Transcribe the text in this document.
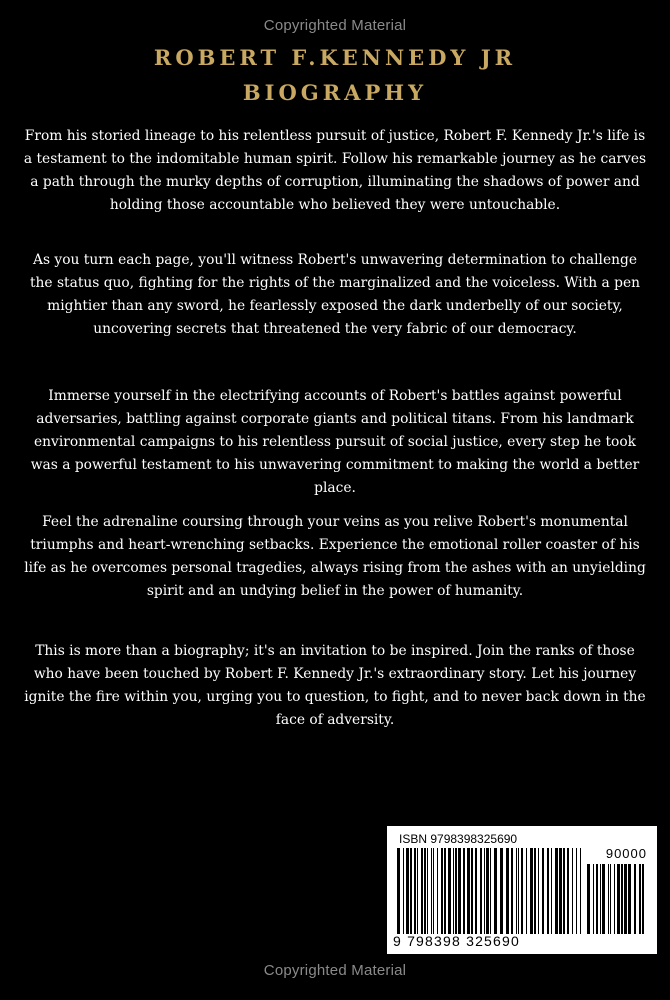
Copyrighted Material
ROBERT F.KENNEDY JR
BIOGRAPHY
From his storied lineage to his relentless pursuit of justice, Robert F. Kennedy Jr.'s life is a testament to the indomitable human spirit. Follow his remarkable journey as he carves a path through the murky depths of corruption, illuminating the shadows of power and holding those accountable who believed they were untouchable.
As you turn each page, you'll witness Robert's unwavering determination to challenge the status quo, fighting for the rights of the marginalized and the voiceless. With a pen mightier than any sword, he fearlessly exposed the dark underbelly of our society, uncovering secrets that threatened the very fabric of our democracy.
Immerse yourself in the electrifying accounts of Robert's battles against powerful adversaries, battling against corporate giants and political titans. From his landmark environmental campaigns to his relentless pursuit of social justice, every step he took was a powerful testament to his unwavering commitment to making the world a better place.
Feel the adrenaline coursing through your veins as you relive Robert's monumental triumphs and heart-wrenching setbacks. Experience the emotional roller coaster of his life as he overcomes personal tragedies, always rising from the ashes with an unyielding spirit and an undying belief in the power of humanity.
This is more than a biography; it's an invitation to be inspired. Join the ranks of those who have been touched by Robert F. Kennedy Jr.'s extraordinary story. Let his journey ignite the fire within you, urging you to question, to fight, and to never back down in the face of adversity.
ISBN 9798398325690
90000
9 798398 325690
Copyrighted Material
